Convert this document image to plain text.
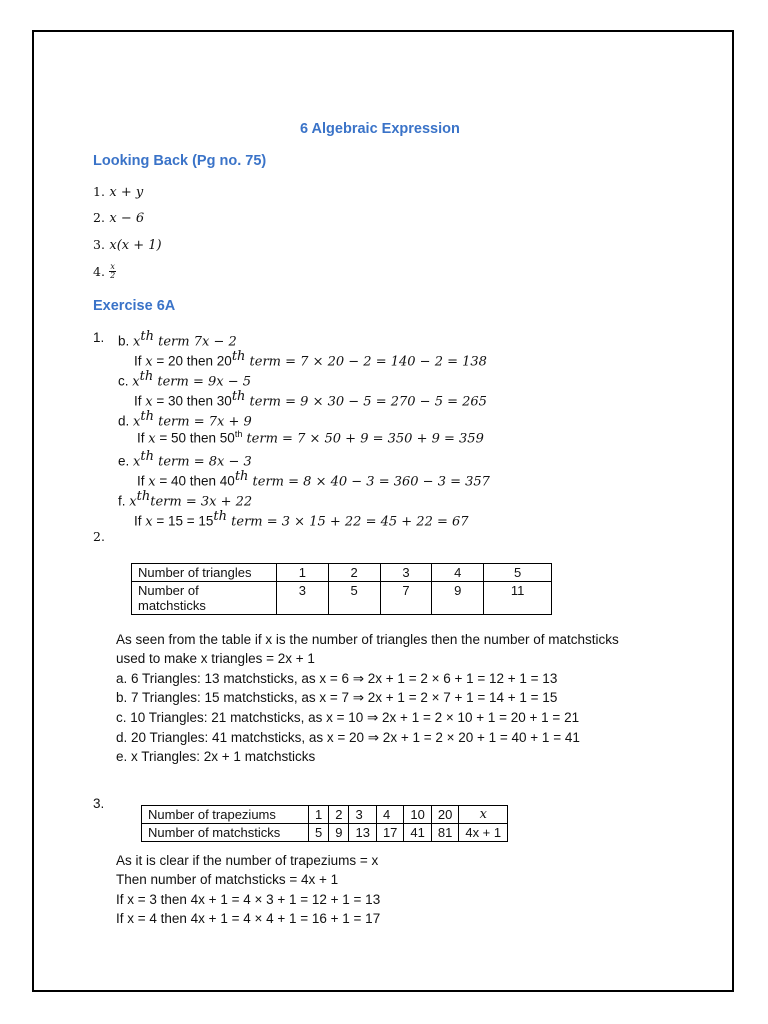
6 Algebraic Expression
Looking Back (Pg no. 75)
1. x + y
2. x − 6
3. x(x + 1)
4. $\frac{x}{2}$
Exercise 6A
1. b. $x^{th}$ term 7x − 2
If x = 20 then 20th term = 7 × 20 − 2 = 140 − 2 = 138
c. $x^{th}$ term = 9x − 5
If x = 30 then 30th term = 9 × 30 − 5 = 270 − 5 = 265
d. $x^{th}$ term = 7x + 9
If x = 50 then 50th term = 7 × 50 + 9 = 350 + 9 = 359
e. $x^{th}$ term = 8x − 3
If x = 40 then 40th term = 8 × 40 − 3 = 360 − 3 = 357
f. $x^{th}term = 3x + 22$
If x = 15 = 15th term = 3 × 15 + 22 = 45 + 22 = 67
2.
Number of triangles	1	2	3	4	5
Number of
matchsticks	3	5	7	9	11
As seen from the table if x is the number of triangles then the number of matchsticks
used to make x triangles = 2x + 1
a. 6 Triangles: 13 matchsticks, as x = 6 ⇒ 2x + 1 = 2 × 6 + 1 = 12 + 1 = 13
b. 7 Triangles: 15 matchsticks, as x = 7 ⇒ 2x + 1 = 2 × 7 + 1 = 14 + 1 = 15
c. 10 Triangles: 21 matchsticks, as x = 10 ⇒ 2x + 1 = 2 × 10 + 1 = 20 + 1 = 21
d. 20 Triangles: 41 matchsticks, as x = 20 ⇒ 2x + 1 = 2 × 20 + 1 = 40 + 1 = 41
e. x Triangles: 2x + 1 matchsticks
3.
Number of trapeziums	1	2	3	4	10	20	x
Number of matchsticks	5	9	13	17	41	81	4x + 1
As it is clear if the number of trapeziums = x
Then number of matchsticks = 4x + 1
If x = 3 then 4x + 1 = 4 × 3 + 1 = 12 + 1 = 13
If x = 4 then 4x + 1 = 4 × 4 + 1 = 16 + 1 = 17
